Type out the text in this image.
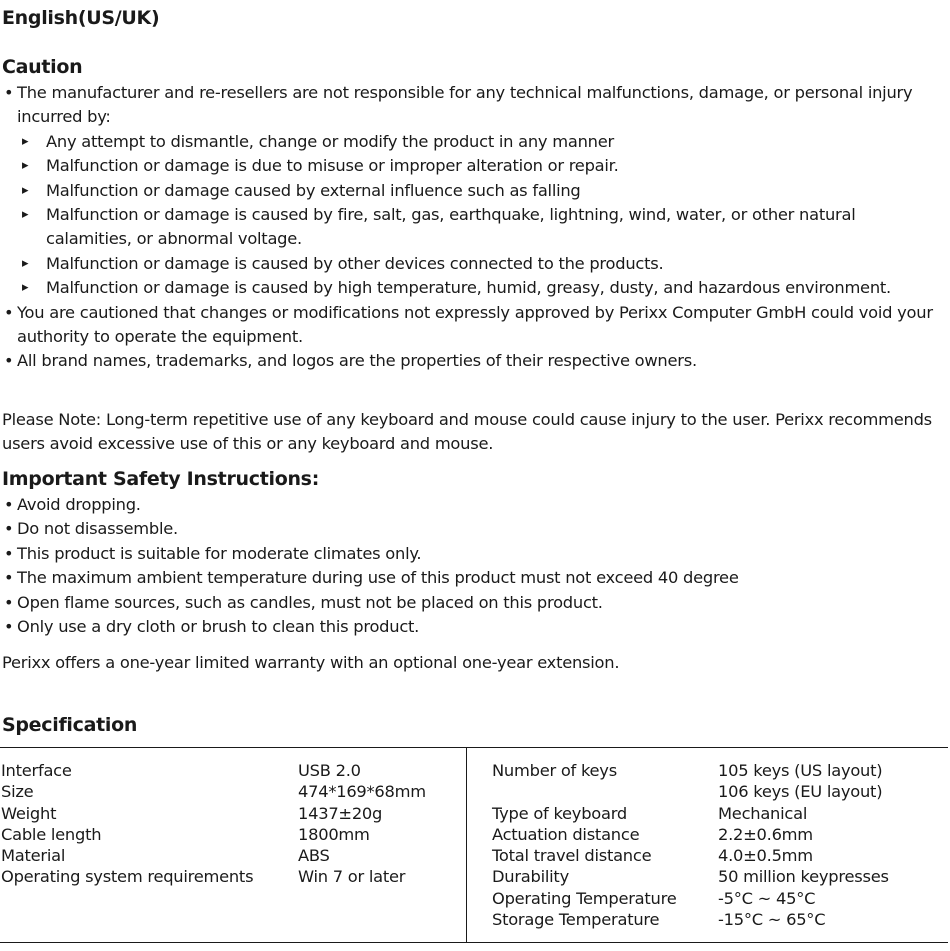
English(US/UK)
Caution
• The manufacturer and re-resellers are not responsible for any technical malfunctions, damage, or personal injury incurred by:
▸ Any attempt to dismantle, change or modify the product in any manner
▸ Malfunction or damage is due to misuse or improper alteration or repair.
▸ Malfunction or damage caused by external influence such as falling
▸ Malfunction or damage is caused by fire, salt, gas, earthquake, lightning, wind, water, or other natural calamities, or abnormal voltage.
▸ Malfunction or damage is caused by other devices connected to the products.
▸ Malfunction or damage is caused by high temperature, humid, greasy, dusty, and hazardous environment.
• You are cautioned that changes or modifications not expressly approved by Perixx Computer GmbH could void your authority to operate the equipment.
• All brand names, trademarks, and logos are the properties of their respective owners.
Please Note: Long-term repetitive use of any keyboard and mouse could cause injury to the user. Perixx recommends users avoid excessive use of this or any keyboard and mouse.
Important Safety Instructions:
• Avoid dropping.
• Do not disassemble.
• This product is suitable for moderate climates only.
• The maximum ambient temperature during use of this product must not exceed 40 degree
• Open flame sources, such as candles, must not be placed on this product.
• Only use a dry cloth or brush to clean this product.
Perixx offers a one-year limited warranty with an optional one-year extension.
Specification
Interface
Size
Weight
Cable length
Material
Operating system requirements
USB 2.0
474*169*68mm
1437±20g
1800mm
ABS
Win 7 or later
Number of keys
Type of keyboard
Actuation distance
Total travel distance
Durability
Operating Temperature
Storage Temperature
105 keys (US layout)
106 keys (EU layout)
Mechanical
2.2±0.6mm
4.0±0.5mm
50 million keypresses
-5°C ~ 45°C
-15°C ~ 65°C
